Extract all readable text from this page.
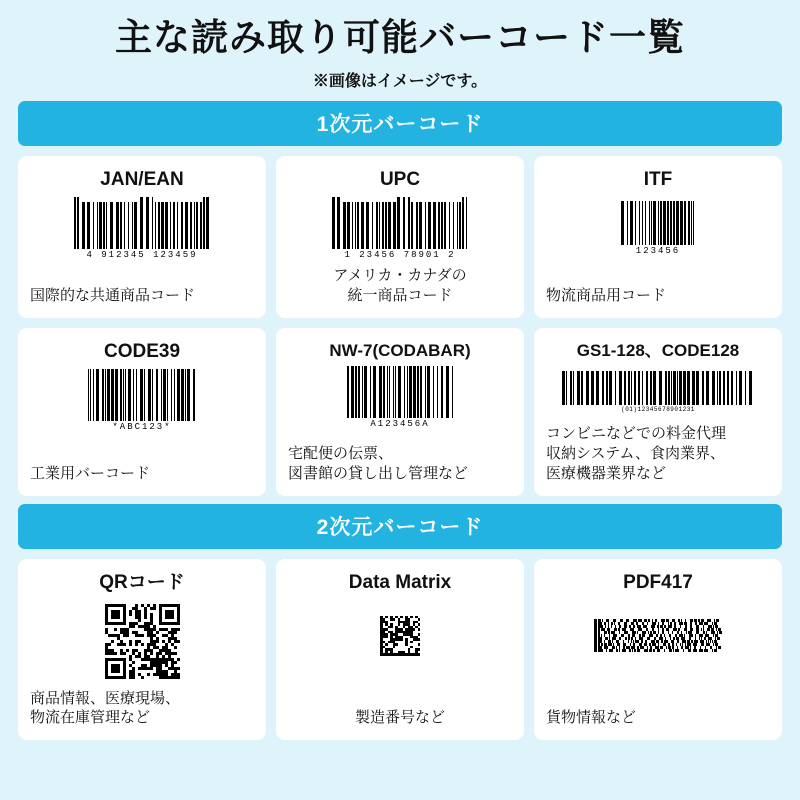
主な読み取り可能バーコード一覧
※画像はイメージです。
1次元バーコード
JAN/EAN
4 912345 123459
国際的な共通商品コード
UPC
1 23456 78901 2
アメリカ・カナダの
統一商品コード
ITF
123456
物流商品用コード
CODE39
*ABC123*
工業用バーコード
NW-7(CODABAR)
A123456A
宅配便の伝票、
図書館の貸し出し管理など
GS1-128、CODE128
(01)12345678901231
コンビニなどでの料金代理
収納システム、食肉業界、
医療機器業界など
2次元バーコード
QRコード
商品情報、医療現場、
物流在庫管理など
Data Matrix
製造番号など
PDF417
貨物情報など
